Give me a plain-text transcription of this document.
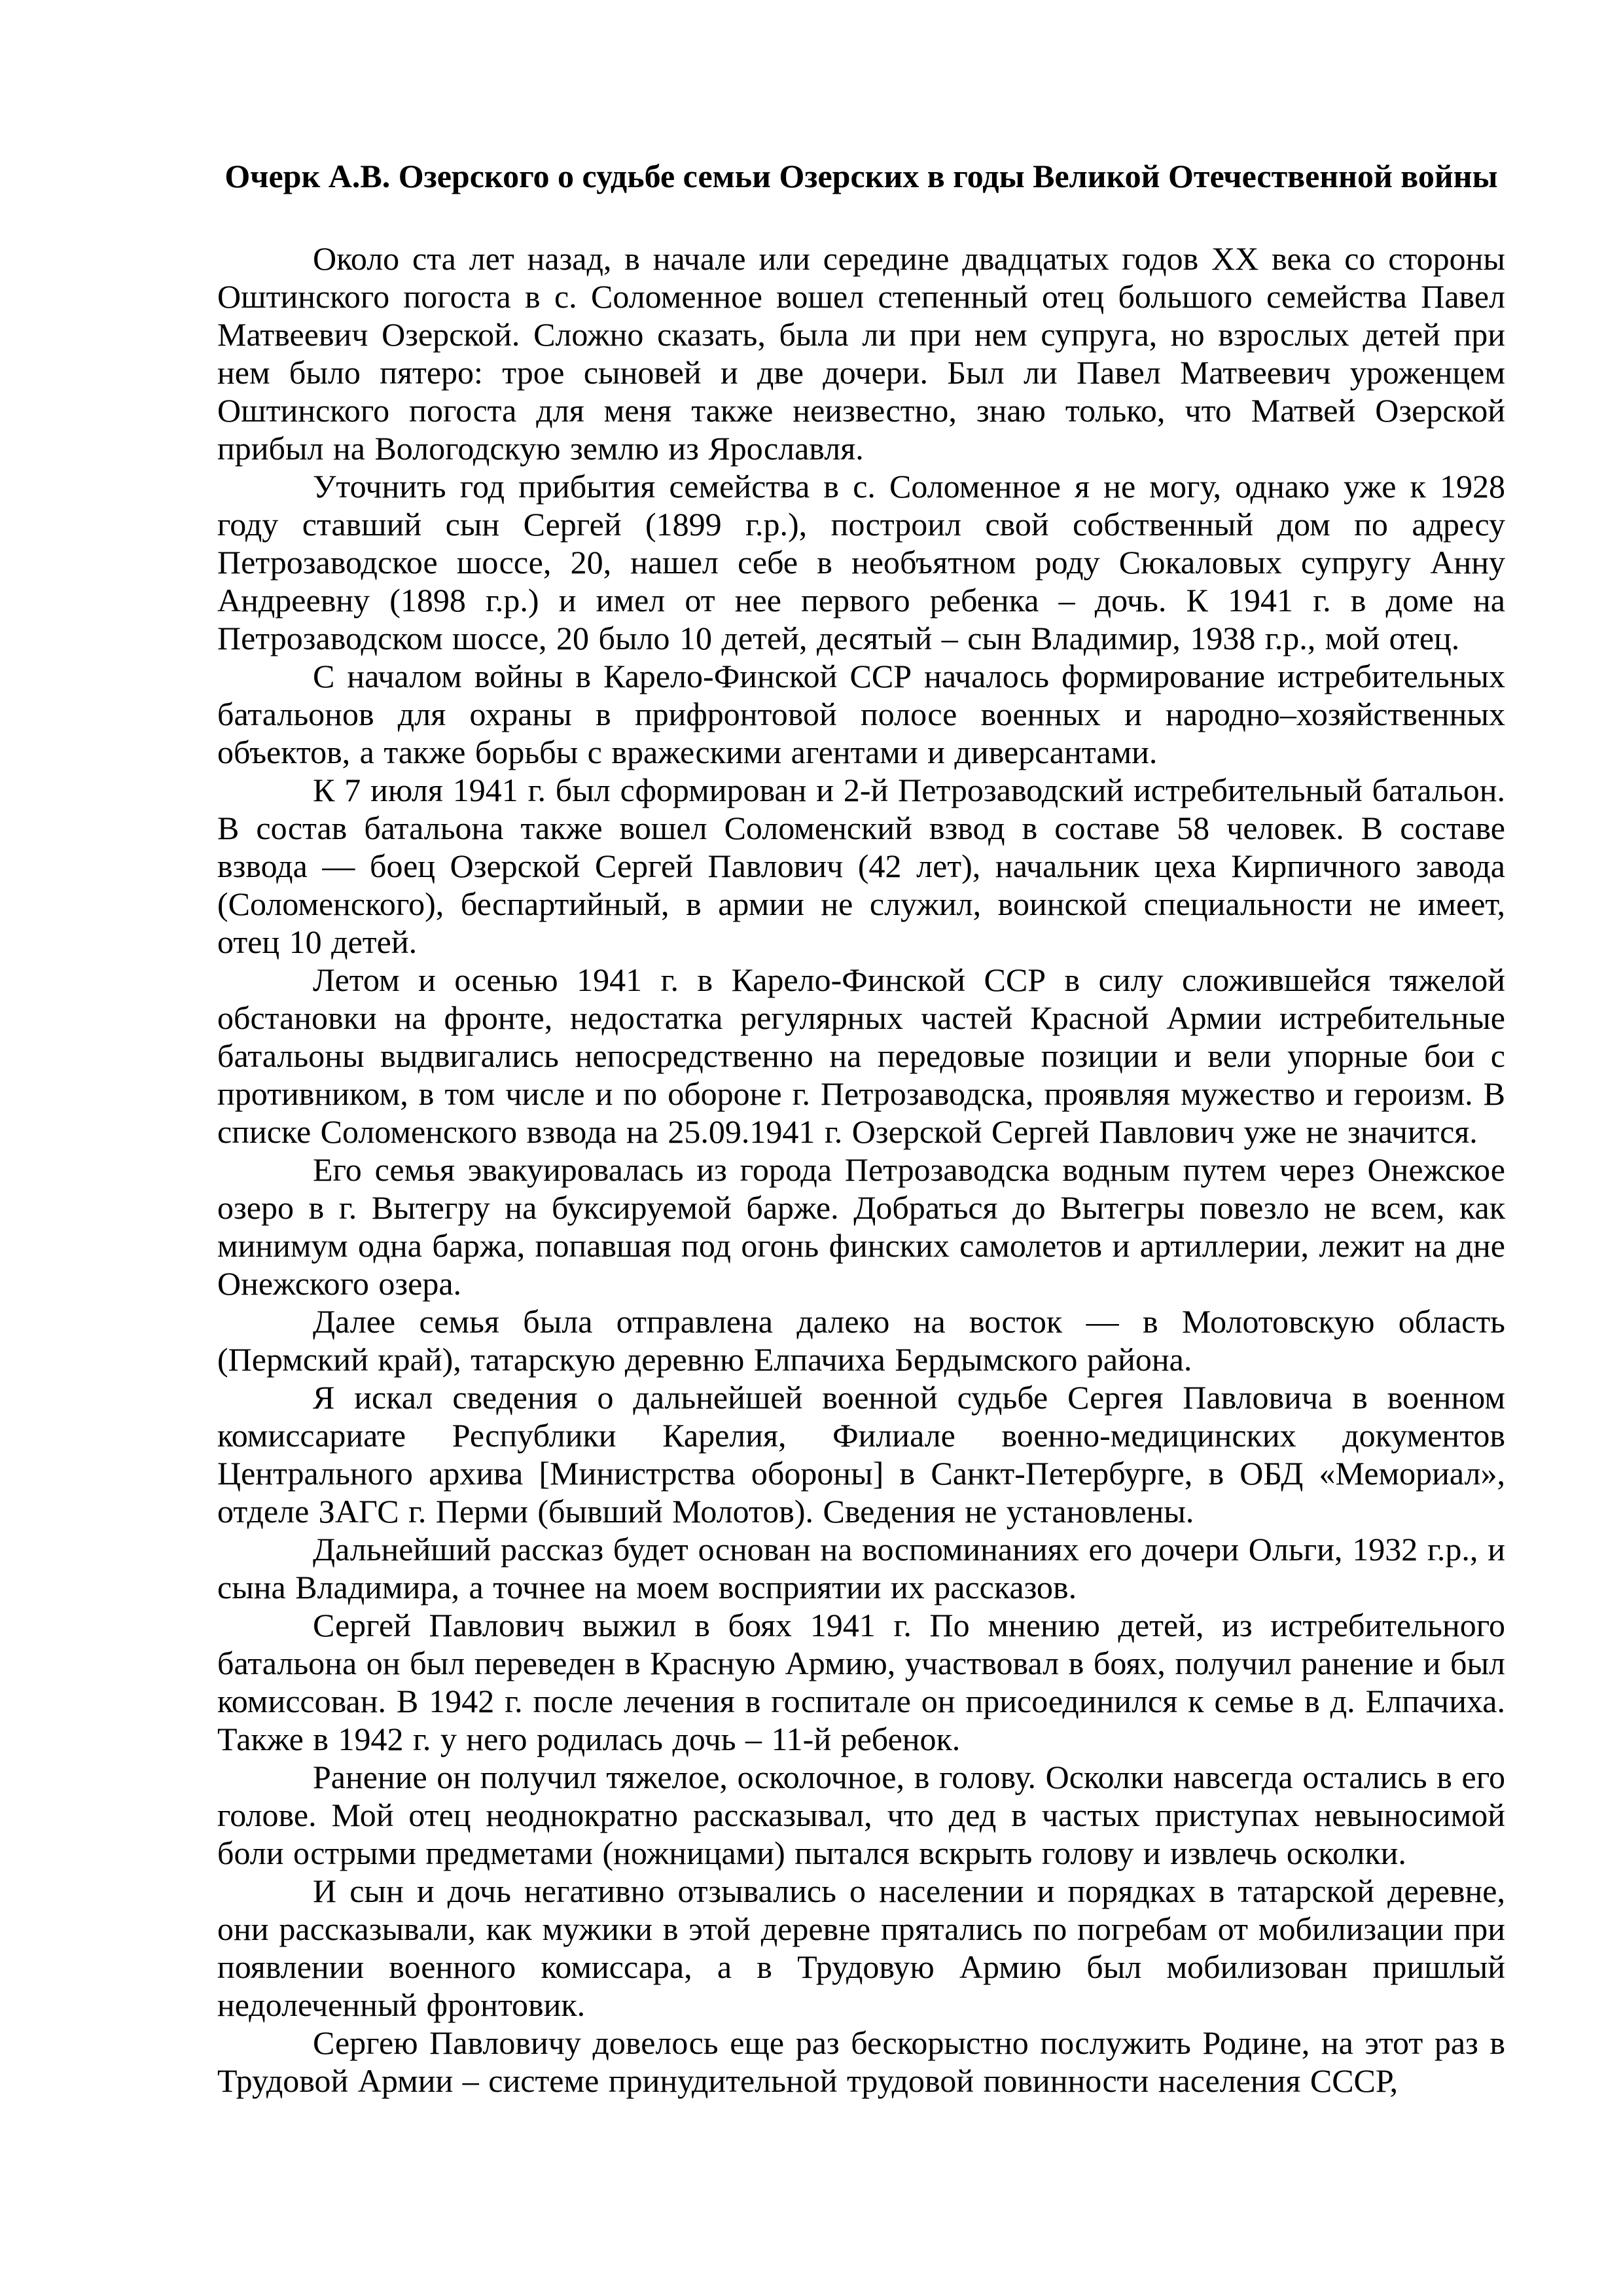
Очерк А.В. Озерского о судьбе семьи Озерских в годы Великой Отечественной войны

Около ста лет назад, в начале или середине двадцатых годов XX века со стороны Оштинского погоста в с. Соломенное вошел степенный отец большого семейства Павел Матвеевич Озерской. Сложно сказать, была ли при нем супруга, но взрослых детей при нем было пятеро: трое сыновей и две дочери. Был ли Павел Матвеевич уроженцем Оштинского погоста для меня также неизвестно, знаю только, что Матвей Озерской прибыл на Вологодскую землю из Ярославля.

Уточнить год прибытия семейства в с. Соломенное я не могу, однако уже к 1928 году ставший сын Сергей (1899 г.р.), построил свой собственный дом по адресу Петрозаводское шоссе, 20, нашел себе в необъятном роду Сюкаловых супругу Анну Андреевну (1898 г.р.) и имел от нее первого ребенка – дочь. К 1941 г. в доме на Петрозаводском шоссе, 20 было 10 детей, десятый – сын Владимир, 1938 г.р., мой отец.

С началом войны в Карело-Финской ССР началось формирование истребительных батальонов для охраны в прифронтовой полосе военных и народно–хозяйственных объектов, а также борьбы с вражескими агентами и диверсантами.

К 7 июля 1941 г. был сформирован и 2-й Петрозаводский истребительный батальон. В состав батальона также вошел Соломенский взвод в составе 58 человек. В составе взвода — боец Озерской Сергей Павлович (42 лет), начальник цеха Кирпичного завода (Соломенского), беспартийный, в армии не служил, воинской специальности не имеет, отец 10 детей.

Летом и осенью 1941 г. в Карело-Финской ССР в силу сложившейся тяжелой обстановки на фронте, недостатка регулярных частей Красной Армии истребительные батальоны выдвигались непосредственно на передовые позиции и вели упорные бои с противником, в том числе и по обороне г. Петрозаводска, проявляя мужество и героизм. В списке Соломенского взвода на 25.09.1941 г. Озерской Сергей Павлович уже не значится.

Его семья эвакуировалась из города Петрозаводска водным путем через Онежское озеро в г. Вытегру на буксируемой барже. Добраться до Вытегры повезло не всем, как минимум одна баржа, попавшая под огонь финских самолетов и артиллерии, лежит на дне Онежского озера.

Далее семья была отправлена далеко на восток — в Молотовскую область (Пермский край), татарскую деревню Елпачиха Бердымского района.

Я искал сведения о дальнейшей военной судьбе Сергея Павловича в военном комиссариате Республики Карелия, Филиале военно-медицинских документов Центрального архива [Министрства обороны] в Санкт-Петербурге, в ОБД «Мемориал», отделе ЗАГС г. Перми (бывший Молотов). Сведения не установлены.

Дальнейший рассказ будет основан на воспоминаниях его дочери Ольги, 1932 г.р., и сына Владимира, а точнее на моем восприятии их рассказов.

Сергей Павлович выжил в боях 1941 г. По мнению детей, из истребительного батальона он был переведен в Красную Армию, участвовал в боях, получил ранение и был комиссован. В 1942 г. после лечения в госпитале он присоединился к семье в д. Елпачиха. Также в 1942 г. у него родилась дочь – 11-й ребенок.

Ранение он получил тяжелое, осколочное, в голову. Осколки навсегда остались в его голове. Мой отец неоднократно рассказывал, что дед в частых приступах невыносимой боли острыми предметами (ножницами) пытался вскрыть голову и извлечь осколки.

И сын и дочь негативно отзывались о населении и порядках в татарской деревне, они рассказывали, как мужики в этой деревне прятались по погребам от мобилизации при появлении военного комиссара, а в Трудовую Армию был мобилизован пришлый недолеченный фронтовик.

Сергею Павловичу довелось еще раз бескорыстно послужить Родине, на этот раз в Трудовой Армии – системе принудительной трудовой повинности населения СССР,
